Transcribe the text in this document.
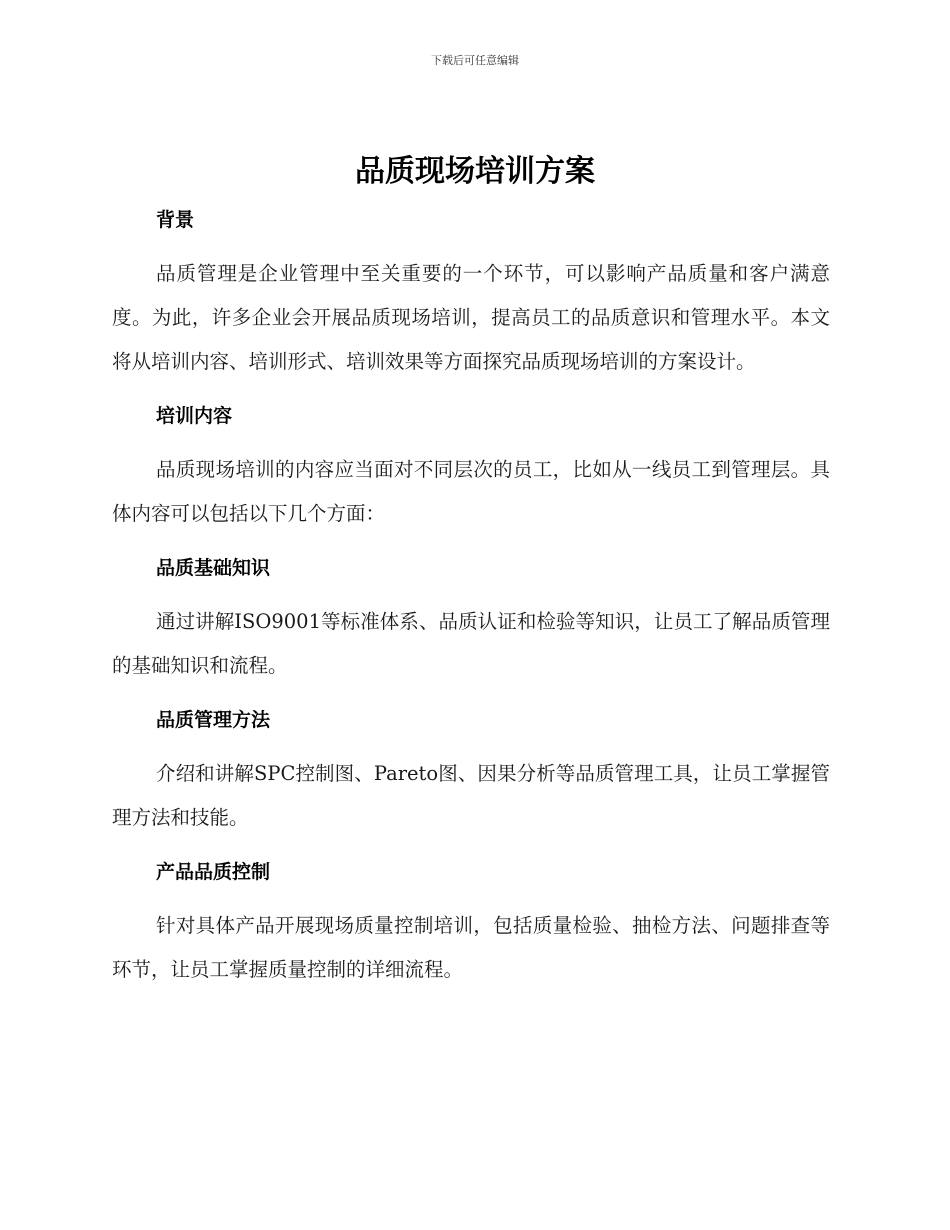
下载后可任意编辑
品质现场培训方案
背景

品质管理是企业管理中至关重要的一个环节，可以影响产品质量和客户满意度。为此，许多企业会开展品质现场培训，提高员工的品质意识和管理水平。本文将从培训内容、培训形式、培训效果等方面探究品质现场培训的方案设计。

培训内容

品质现场培训的内容应当面对不同层次的员工，比如从一线员工到管理层。具体内容可以包括以下几个方面：

品质基础知识

通过讲解ISO9001等标准体系、品质认证和检验等知识，让员工了解品质管理的基础知识和流程。

品质管理方法

介绍和讲解SPC控制图、Pareto图、因果分析等品质管理工具，让员工掌握管理方法和技能。

产品品质控制

针对具体产品开展现场质量控制培训，包括质量检验、抽检方法、问题排查等环节，让员工掌握质量控制的详细流程。
